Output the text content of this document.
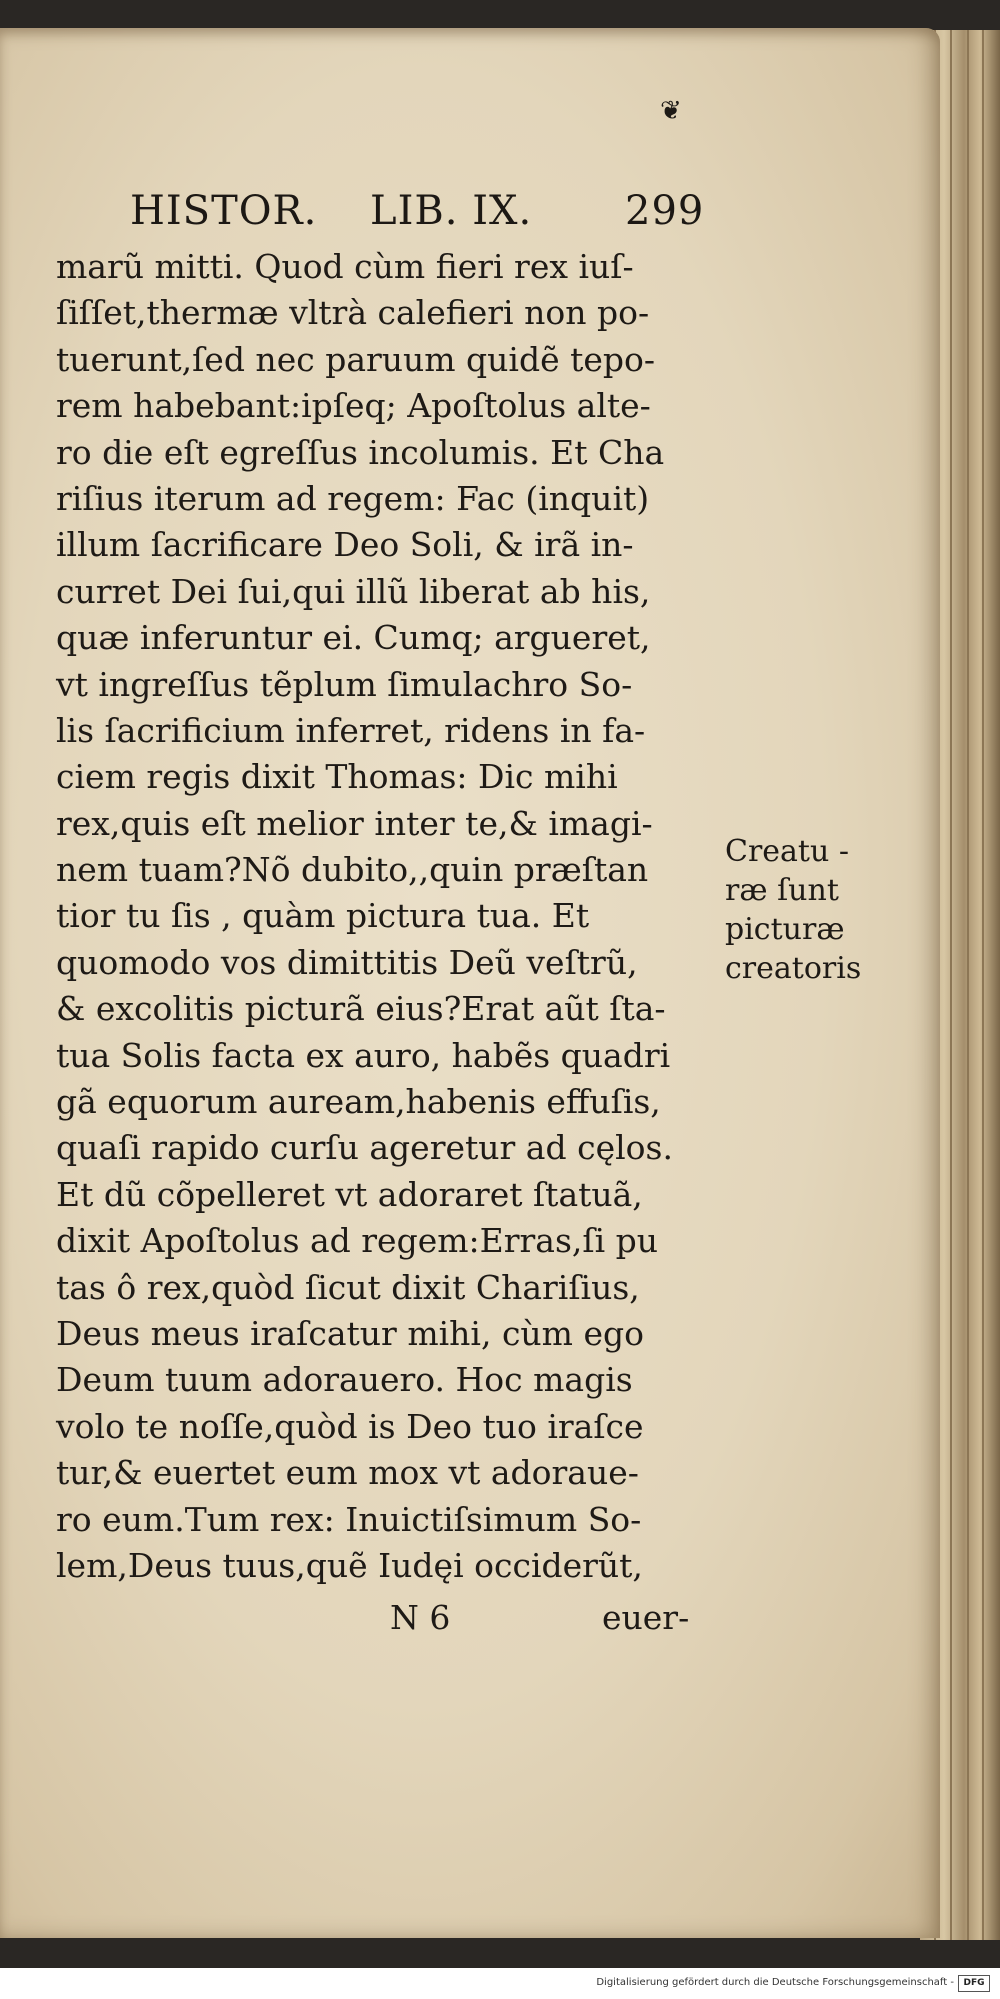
❦
HISTOR. LIB. IX. 299
marũ mitti. Quod cùm fieri rex iuſ-
ſiſſet,thermæ vltrà calefieri non po-
tuerunt,ſed nec paruum quidẽ tepo-
rem habebant:ipſeq; Apoſtolus alte-
ro die eſt egreſſus incolumis. Et Cha
riſius iterum ad regem: Fac (inquit)
illum ſacrificare Deo Soli, & irã in-
curret Dei ſui,qui illũ liberat ab his,
quæ inferuntur ei. Cumq; argueret,
vt ingreſſus tẽplum ſimulachro So-
lis ſacrificium inferret, ridens in fa-
ciem regis dixit Thomas: Dic mihi
rex,quis eſt melior inter te,& imagi-
nem tuam?Nõ dubito,,quin præſtan
tior tu ſis , quàm pictura tua. Et
quomodo vos dimittitis Deũ veſtrũ,
& excolitis picturã eius?Erat aũt ſta-
tua Solis facta ex auro, habẽs quadri
gã equorum auream,habenis effuſis,
quaſi rapido curſu ageretur ad cęlos.
Et dũ cõpelleret vt adoraret ſtatuã,
dixit Apoſtolus ad regem:Erras,ſi pu
tas ô rex,quòd ſicut dixit Chariſius,
Deus meus iraſcatur mihi, cùm ego
Deum tuum adorauero. Hoc magis
volo te noſſe,quòd is Deo tuo iraſce
tur,& euertet eum mox vt adoraue-
ro eum.Tum rex: Inuictiſsimum So-
lem,Deus tuus,quẽ Iudęi occiderũt,
Creatu -
ræ ſunt
picturæ
creatoris
N 6	euer-
Digitalisierung gefördert durch die Deutsche Forschungsgemeinschaft -	DFG
